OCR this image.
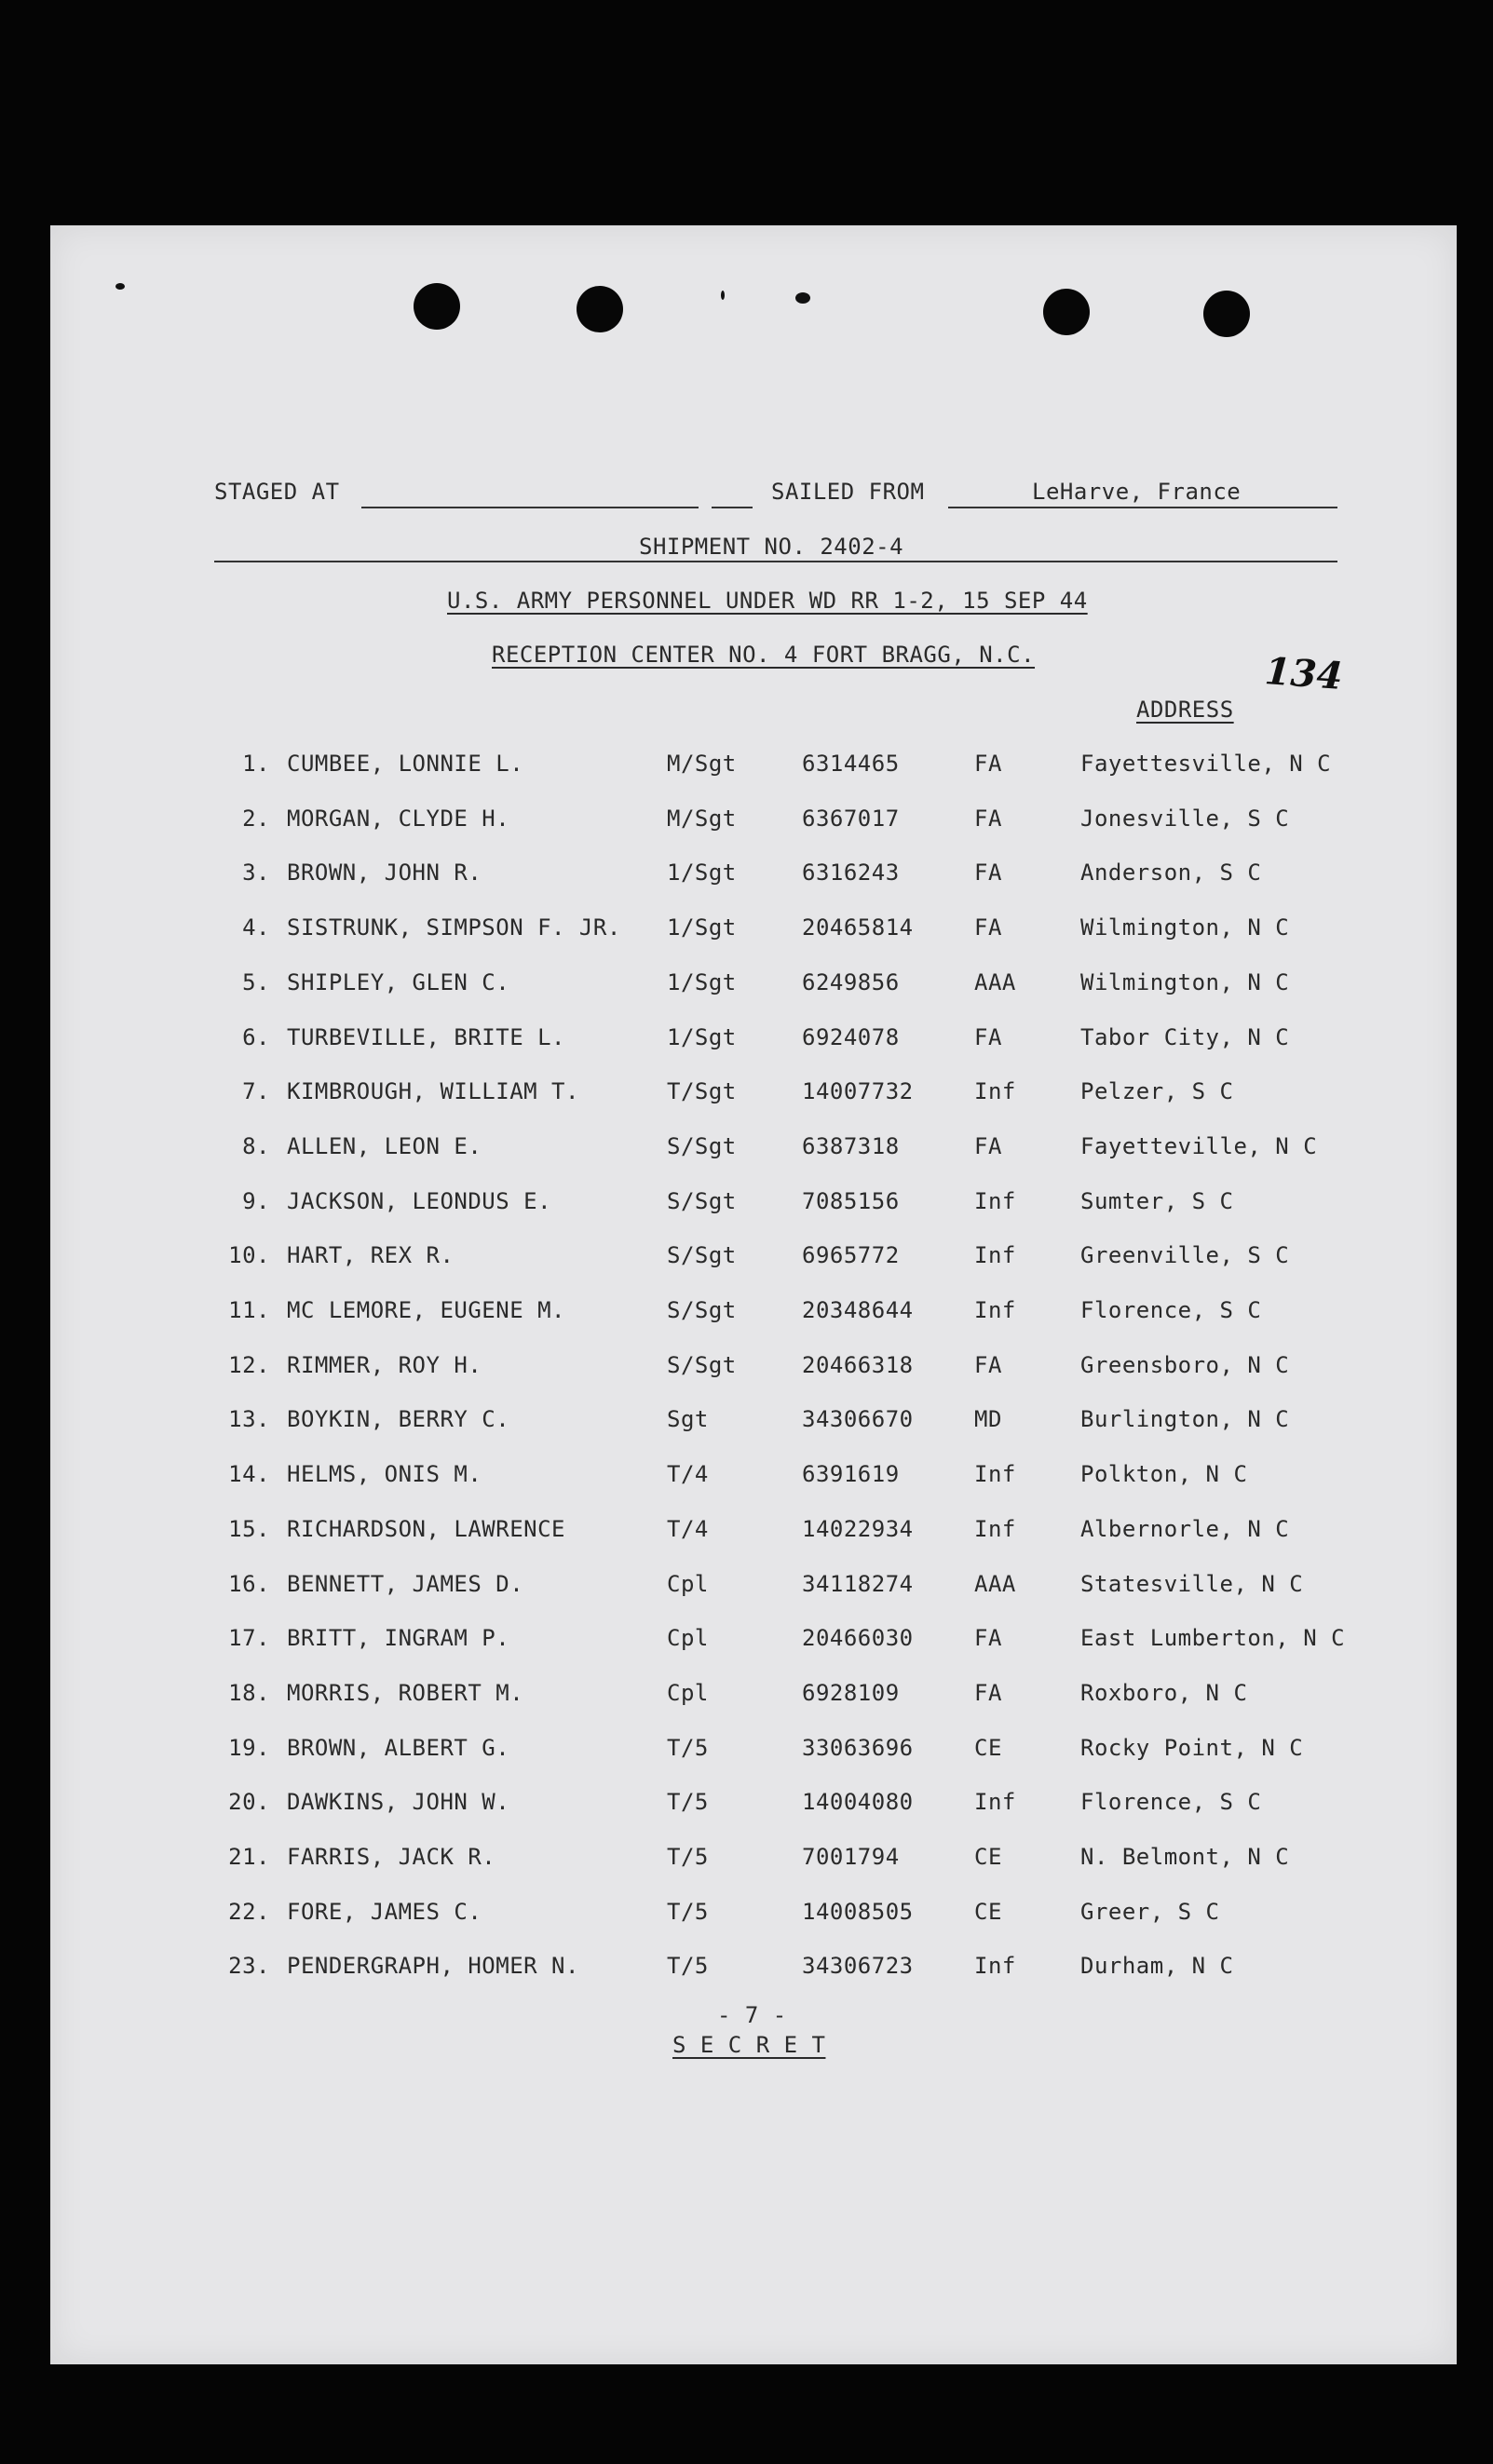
STAGED AT	SAILED FROM	LeHarve, France
SHIPMENT NO. 2402-4
U.S. ARMY PERSONNEL UNDER WD RR 1-2, 15 SEP 44
RECEPTION CENTER NO. 4 FORT BRAGG, N.C.	134
ADDRESS
1. CUMBEE, LONNIE L.	M/Sgt	6314465	FA	Fayettesville, N C
2. MORGAN, CLYDE H.	M/Sgt	6367017	FA	Jonesville, S C
3. BROWN, JOHN R.	1/Sgt	6316243	FA	Anderson, S C
4. SISTRUNK, SIMPSON F. JR. 1/Sgt	20465814	FA	Wilmington, N C
5. SHIPLEY, GLEN C.	1/Sgt	6249856	AAA	Wilmington, N C
6. TURBEVILLE, BRITE L.	1/Sgt	6924078	FA	Tabor City, N C
7. KIMBROUGH, WILLIAM T.	T/Sgt	14007732	Inf	Pelzer, S C
8. ALLEN, LEON E.	S/Sgt	6387318	FA	Fayetteville, N C
9. JACKSON, LEONDUS E.	S/Sgt	7085156	Inf	Sumter, S C
10. HART, REX R.	S/Sgt	6965772	Inf	Greenville, S C
11. MC LEMORE, EUGENE M.	S/Sgt	20348644	Inf	Florence, S C
12. RIMMER, ROY H.	S/Sgt	20466318	FA	Greensboro, N C
13. BOYKIN, BERRY C.	Sgt	34306670	MD	Burlington, N C
14. HELMS, ONIS M.	T/4	6391619	Inf	Polkton, N C
15. RICHARDSON, LAWRENCE	T/4	14022934	Inf	Albernorle, N C
16. BENNETT, JAMES D.	Cpl	34118274	AAA	Statesville, N C
17. BRITT, INGRAM P.	Cpl	20466030	FA	East Lumberton, N C
18. MORRIS, ROBERT M.	Cpl	6928109	FA	Roxboro, N C
19. BROWN, ALBERT G.	T/5	33063696	CE	Rocky Point, N C
20. DAWKINS, JOHN W.	T/5	14004080	Inf	Florence, S C
21. FARRIS, JACK R.	T/5	7001794	CE	N. Belmont, N C
22. FORE, JAMES C.	T/5	14008505	CE	Greer, S C
23. PENDERGRAPH, HOMER N.	T/5	34306723	Inf	Durham, N C
- 7 -
S E C R E T
